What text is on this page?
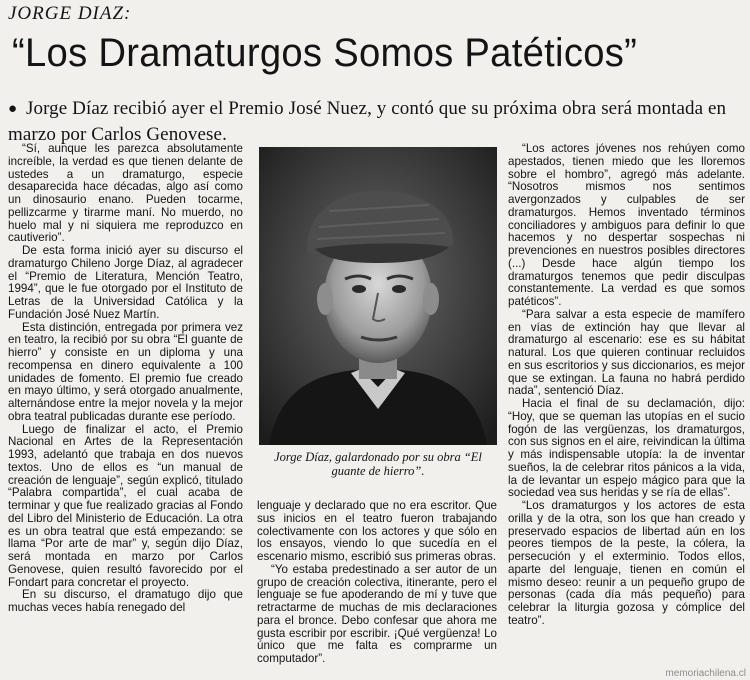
JORGE DIAZ:
“Los Dramaturgos Somos Patéticos”
● Jorge Díaz recibió ayer el Premio José Nuez, y contó que su próxima obra será montada en marzo por Carlos Genovese.

“Sí, aunque les parezca absolutamente increíble, la verdad es que tienen delante de ustedes a un dramaturgo, especie desaparecida hace décadas, algo así como un dinosaurio enano. Pueden tocarme, pellizcarme y tirarme maní. No muerdo, no huelo mal y ni siquiera me reproduzco en cautiverio”.

De esta forma inició ayer su discurso el dramaturgo Chileno Jorge Díaz, al agradecer el “Premio de Literatura, Mención Teatro, 1994”, que le fue otorgado por el Instituto de Letras de la Universidad Católica y la Fundación José Nuez Martín.

Esta distinción, entregada por primera vez en teatro, la recibió por su obra “El guante de hierro” y consiste en un diploma y una recompensa en dinero equivalente a 100 unidades de fomento. El premio fue creado en mayo último, y será otorgado anualmente, alternándose entre la mejor novela y la mejor obra teatral publicadas durante ese período.

Luego de finalizar el acto, el Premio Nacional en Artes de la Representación 1993, adelantó que trabaja en dos nuevos textos. Uno de ellos es “un manual de creación de lenguaje”, según explicó, titulado “Palabra compartida”, el cual acaba de terminar y que fue realizado gracias al Fondo del Libro del Ministerio de Educación. La otra es un obra teatral que está empezando: se llama “Por arte de mar” y, según dijo Díaz, será montada en marzo por Carlos Genovese, quien resultó favorecido por el Fondart para concretar el proyecto.

En su discurso, el dramatugo dijo que muchas veces había renegado del

Jorge Díaz, galardonado por su obra “El guante de hierro”.

lenguaje y declarado que no era escritor. Que sus inicios en el teatro fueron trabajando colectivamente con los actores y que sólo en los ensayos, viendo lo que sucedía en el escenario mismo, escribió sus primeras obras.

“Yo estaba predestinado a ser autor de un grupo de creación colectiva, itinerante, pero el lenguaje se fue apoderando de mí y tuve que retractarme de muchas de mis declaraciones para el bronce. Debo confesar que ahora me gusta escribir por escribir. ¡Qué vergüenza! Lo único que me falta es comprarme un computador”.

“Los actores jóvenes nos rehúyen como apestados, tienen miedo que les lloremos sobre el hombro”, agregó más adelante. “Nosotros mismos nos sentimos avergonzados y culpables de ser dramaturgos. Hemos inventado términos conciliadores y ambiguos para definir lo que hacemos y no despertar sospechas ni prevenciones en nuestros posibles directores (...) Desde hace algún tiempo los dramaturgos tenemos que pedir disculpas constantemente. La verdad es que somos patéticos”.

“Para salvar a esta especie de mamífero en vías de extinción hay que llevar al dramaturgo al escenario: ese es su hábitat natural. Los que quieren continuar recluidos en sus escritorios y sus diccionarios, es mejor que se extingan. La fauna no habrá perdido nada”, sentenció Díaz.

Hacia el final de su declamación, dijo: “Hoy, que se queman las utopías en el sucio fogón de las vergüenzas, los dramaturgos, con sus signos en el aire, reivindican la última y más indispensable utopía: la de inventar sueños, la de celebrar ritos pánicos a la vida, la de levantar un espejo mágico para que la sociedad vea sus heridas y se ría de ellas”.

“Los dramaturgos y los actores de esta orilla y de la otra, son los que han creado y preservado espacios de libertad aún en los peores tiempos de la peste, la cólera, la persecución y el exterminio. Todos ellos, aparte del lenguaje, tienen en común el mismo deseo: reunir a un pequeño grupo de personas (cada día más pequeño) para celebrar la liturgia gozosa y cómplice del teatro”.

memoriachilena.cl
